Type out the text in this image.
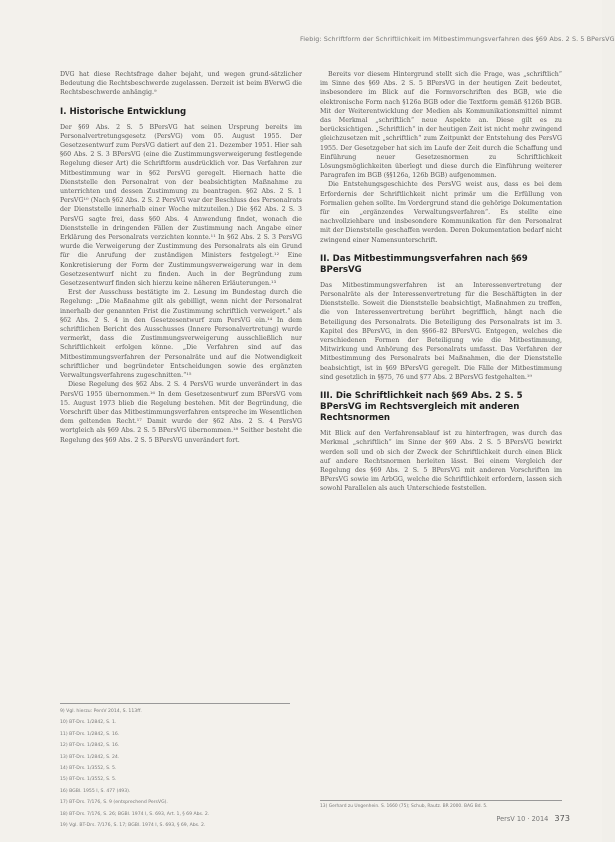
Fiebig: Schriftform der Schriftlichkeit im Mitbestimmungsverfahren des §69 Abs. 2 S. 5 BPersVG

DVG hat diese Rechtsfrage daher bejaht, und wegen grund-sätzlicher Bedeutung die Rechtsbeschwerde zugelassen. Derzeit ist beim BVerwG die Rechtsbeschwerde anhängig.⁹

I. Historische Entwicklung

Der §69 Abs. 2 S. 5 BPersVG hat seinen Ursprung bereits im Personalvertretungsgesetz (PersVG) vom 05. August 1955. Der Gesetzesentwurf zum PersVG datiert auf den 21. Dezember 1951. Hier sah §60 Abs. 2 S. 3 BPersVG (eine die Zustimmungsverweigerung festlegende Regelung dieser Art) die Schriftform ausdrücklich vor. Das Verfahren zur Mitbestimmung war in §62 PersVG geregelt. Hiernach hatte die Dienststelle den Personalrat von der beabsichtigten Maßnahme zu unterrichten und dessen Zustimmung zu beantragen. §62 Abs. 2 S. 1 PersVG¹⁰ (Nach §62 Abs. 2 S. 2 PersVG war der Beschluss des Personalrats der Dienststelle innerhalb einer Woche mitzuteilen.) Die §62 Abs. 2 S. 3 PersVG sagte frei, dass §60 Abs. 4 Anwendung findet, wonach die Dienststelle in dringenden Fällen der Zustimmung nach Angabe einer Erklärung des Personalrats verzichten konnte.¹¹ In §62 Abs. 2 S. 3 PersVG wurde die Verweigerung der Zustimmung des Personalrats als ein Grund für die Anrufung der zuständigen Ministers festgelegt.¹² Eine Konkretisierung der Form der Zustimmungsverweigerung war in dem Gesetzesentwurf nicht zu finden. Auch in der Begründung zum Gesetzesentwurf finden sich hierzu keine näheren Erläuterungen.¹³

Erst der Ausschuss bestätigte im 2. Lesung im Bundestag durch die Regelung: „Die Maßnahme gilt als gebilligt, wenn nicht der Personalrat innerhalb der genannten Frist die Zustimmung schriftlich verweigert.“ als §62 Abs. 2 S. 4 in den Gesetzesentwurf zum PersVG ein.¹⁴ In dem schriftlichen Bericht des Ausschusses (Innere Personalvertretung) wurde vermerkt, dass die Zustimmungsverweigerung ausschließlich nur Schriftlichkeit erfolgen könne. „Die Verfahren sind auf das Mitbestimmungsverfahren der Personalräte und auf die Notwendigkeit schriftlicher und begründeter Entscheidungen sowie des ergänzten Verwaltungsverfahrens zugeschnitten.“¹⁵

Diese Regelung des §62 Abs. 2 S. 4 PersVG wurde unverändert in das PersVG 1955 übernommen.¹⁶ In dem Gesetzesentwurf zum BPersVG vom 15. August 1973 blieb die Regelung bestehen. Mit der Begründung, die Vorschrift über das Mitbestimmungsverfahren entspreche im Wesentlichen dem geltenden Recht.¹⁷ Damit wurde der §62 Abs. 2 S. 4 PersVG wortgleich als §69 Abs. 2 S. 5 BPersVG übernommen.¹⁸ Seither besteht die Regelung des §69 Abs. 2 S. 5 BPersVG unverändert fort.

9) Vgl. hierzu: PersV 2014, S. 113ff.
10) BT-Drs. 1/2842, S. 1.
11) BT-Drs. 1/2842, S. 16.
12) BT-Drs. 1/2842, S. 16.
13) BT-Drs. 1/2842, S. 24.
14) BT-Drs. 1/3552, S. 5.
15) BT-Drs. 1/3552, S. 5.
16) BGBl. 1955 I, S. 477 (493).
17) BT-Drs. 7/176, S. 9 (entsprechend PersVG).
18) BT-Drs. 7/176, S. 26; BGBl. 1974 I, S. 693, Art. 1, § 69 Abs. 2.
19) Vgl. BT-Drs. 7/176, S. 17; BGBl. 1974 I, S. 693, § 69, Abs. 2.

Bereits vor diesem Hintergrund stellt sich die Frage, was „schriftlich“ im Sinne des §69 Abs. 2 S. 5 BPersVG in der heutigen Zeit bedeutet, insbesondere im Blick auf die Formvorschriften des BGB, wie die elektronische Form nach §126a BGB oder die Textform gemäß §126b BGB. Mit der Weiterentwicklung der Medien als Kommunikationsmittel nimmt das Merkmal „schriftlich“ neue Aspekte an. Diese gilt es zu berücksichtigen. „Schriftlich“ in der heutigen Zeit ist nicht mehr zwingend gleichzusetzen mit „schriftlich“ zum Zeitpunkt der Entstehung des PersVG 1955. Der Gesetzgeber hat sich im Laufe der Zeit durch die Schaffung und Einführung neuer Gesetzesnormen zu Schriftlichkeit Lösungsmöglichkeiten überlegt und diese durch die Einführung weiterer Paragrafen im BGB (§§126a, 126b BGB) aufgenommen.

Die Entstehungsgeschichte des PersVG weist aus, dass es bei dem Erfordernis der Schriftlichkeit nicht primär um die Erfüllung von Formalien gehen sollte. Im Vordergrund stand die gehörige Dokumentation für ein „ergänzendes Verwaltungsverfahren“. Es stellte eine nachvollziehbare und insbesondere Kommunikation für den Personalrat mit der Dienststelle geschaffen werden. Deren Dokumentation bedarf nicht zwingend einer Namensunterschrift.

II. Das Mitbestimmungsverfahren nach §69 BPersVG

Das Mitbestimmungsverfahren ist an Interessenvertretung der Personalräte als der Interessenvertretung für die Beschäftigten in der Dienststelle. Soweit die Dienststelle beabsichtigt, Maßnahmen zu treffen, die von Interessenvertretung berührt begrifflich, hängt nach die Beteiligung des Personalrats. Die Beteiligung des Personalrats ist im 3. Kapitel des BPersVG, in den §§66–82 BPersVG. Entgegen, welches die verschiedenen Formen der Beteiligung wie die Mitbestimmung, Mitwirkung und Anhörung des Personalrats umfasst. Das Verfahren der Mitbestimmung des Personalrats bei Maßnahmen, die der Dienststelle beabsichtigt, ist in §69 BPersVG geregelt. Die Fälle der Mitbestimmung sind gesetzlich in §§75, 76 und §77 Abs. 2 BPersVG festgehalten.¹⁹

III. Die Schriftlichkeit nach §69 Abs. 2 S. 5 BPersVG im Rechtsvergleich mit anderen Rechtsnormen

Mit Blick auf den Verfahrensablauf ist zu hinterfragen, was durch das Merkmal „schriftlich“ im Sinne der §69 Abs. 2 S. 5 BPersVG bewirkt werden soll und ob sich der Zweck der Schriftlichkeit durch einen Blick auf andere Rechtsnormen herleiten lässt. Bei einem Vergleich der Regelung des §69 Abs. 2 S. 5 BPersVG mit anderen Vorschriften im BPersVG sowie im ArbGG, welche die Schriftlichkeit erfordern, lassen sich sowohl Parallelen als auch Unterschiede feststellen.

13) Gerhard zu Ungenhein. S. 1660 (75); Schub, Rautz. BR 2000. BAG Bd. 5.
PersV 10 · 2014 373
